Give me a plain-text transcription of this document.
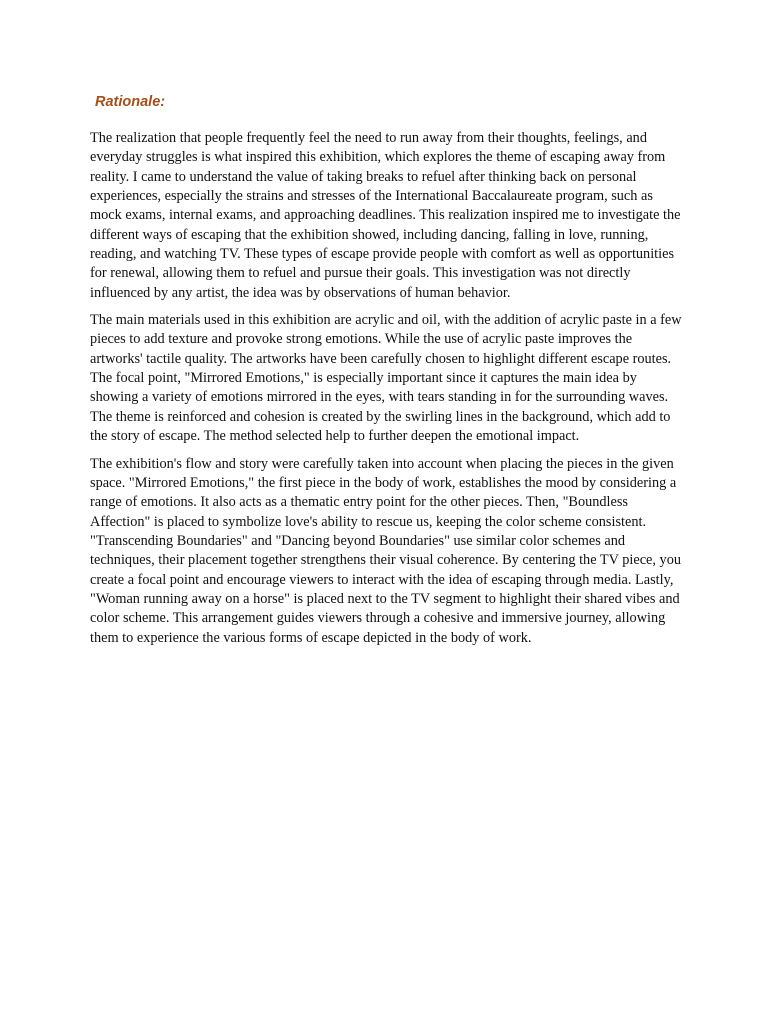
Rationale:

The realization that people frequently feel the need to run away from their thoughts, feelings, and everyday struggles is what inspired this exhibition, which explores the theme of escaping away from reality. I came to understand the value of taking breaks to refuel after thinking back on personal experiences, especially the strains and stresses of the International Baccalaureate program, such as mock exams, internal exams, and approaching deadlines. This realization inspired me to investigate the different ways of escaping that the exhibition showed, including dancing, falling in love, running, reading, and watching TV. These types of escape provide people with comfort as well as opportunities for renewal, allowing them to refuel and pursue their goals. This investigation was not directly influenced by any artist, the idea was by observations of human behavior.

The main materials used in this exhibition are acrylic and oil, with the addition of acrylic paste in a few pieces to add texture and provoke strong emotions. While the use of acrylic paste improves the artworks' tactile quality. The artworks have been carefully chosen to highlight different escape routes. The focal point, "Mirrored Emotions," is especially important since it captures the main idea by showing a variety of emotions mirrored in the eyes, with tears standing in for the surrounding waves. The theme is reinforced and cohesion is created by the swirling lines in the background, which add to the story of escape. The method selected help to further deepen the emotional impact.

The exhibition's flow and story were carefully taken into account when placing the pieces in the given space. "Mirrored Emotions," the first piece in the body of work, establishes the mood by considering a range of emotions. It also acts as a thematic entry point for the other pieces. Then, "Boundless Affection" is placed to symbolize love's ability to rescue us, keeping the color scheme consistent. "Transcending Boundaries" and "Dancing beyond Boundaries" use similar color schemes and techniques, their placement together strengthens their visual coherence. By centering the TV piece, you create a focal point and encourage viewers to interact with the idea of escaping through media. Lastly, "Woman running away on a horse" is placed next to the TV segment to highlight their shared vibes and color scheme. This arrangement guides viewers through a cohesive and immersive journey, allowing them to experience the various forms of escape depicted in the body of work.
